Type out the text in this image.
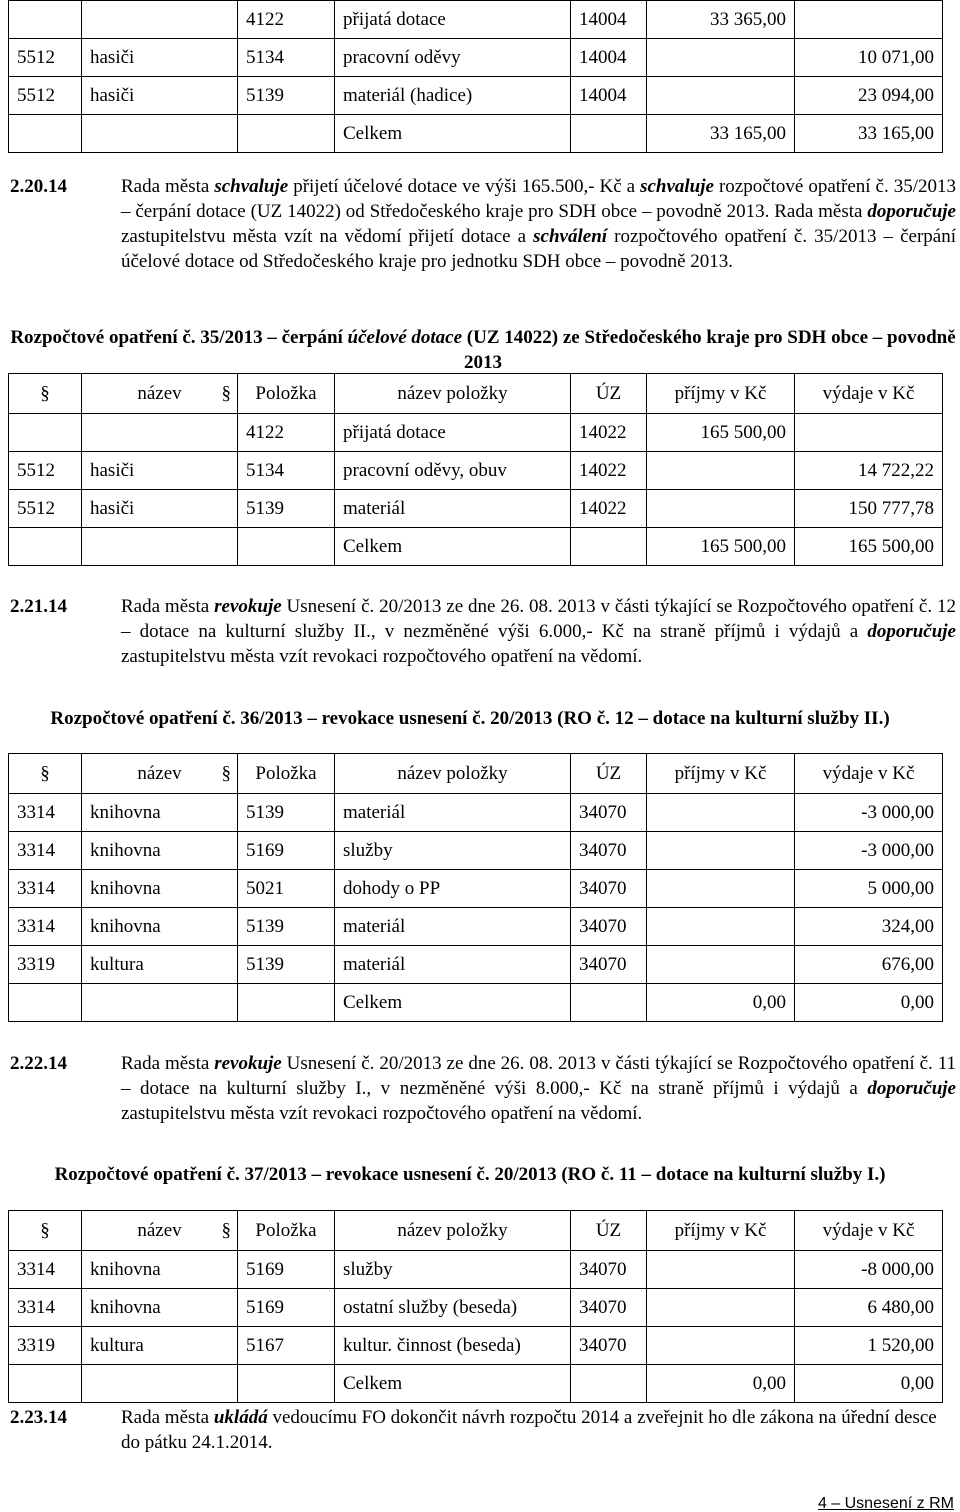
		4122	přijatá dotace	14004	33 365,00	
5512	hasiči	5134	pracovní oděvy	14004		10 071,00
5512	hasiči	5139	materiál (hadice)	14004		23 094,00
			Celkem		33 165,00	33 165,00
2.20.14	Rada města schvaluje přijetí účelové dotace ve výši 165.500,- Kč a schvaluje rozpočtové opatření č. 35/2013 – čerpání dotace (UZ 14022) od Středočeského kraje pro SDH obce – povodně 2013. Rada města doporučuje zastupitelstvu města vzít na vědomí přijetí dotace a schválení rozpočtového opatření č. 35/2013 – čerpání účelové dotace od Středočeského kraje pro jednotku SDH obce – povodně 2013.
Rozpočtové opatření č. 35/2013 – čerpání účelové dotace (UZ 14022) ze Středočeského kraje pro SDH obce – povodně 2013
§	název §	Položka	název položky	ÚZ	příjmy v Kč	výdaje v Kč
		4122	přijatá dotace	14022	165 500,00	
5512	hasiči	5134	pracovní oděvy, obuv	14022		14 722,22
5512	hasiči	5139	materiál	14022		150 777,78
			Celkem		165 500,00	165 500,00
2.21.14	Rada města revokuje Usnesení č. 20/2013 ze dne 26. 08. 2013 v části týkající se Rozpočtového opatření č. 12 – dotace na kulturní služby II., v nezměněné výši 6.000,- Kč na straně příjmů i výdajů a doporučuje zastupitelstvu města vzít revokaci rozpočtového opatření na vědomí.
Rozpočtové opatření č. 36/2013 – revokace usnesení č. 20/2013 (RO č. 12 – dotace na kulturní služby II.)
§	název §	Položka	název položky	ÚZ	příjmy v Kč	výdaje v Kč
3314	knihovna	5139	materiál	34070		-3 000,00
3314	knihovna	5169	služby	34070		-3 000,00
3314	knihovna	5021	dohody o PP	34070		5 000,00
3314	knihovna	5139	materiál	34070		324,00
3319	kultura	5139	materiál	34070		676,00
			Celkem		0,00	0,00
2.22.14	Rada města revokuje Usnesení č. 20/2013 ze dne 26. 08. 2013 v části týkající se Rozpočtového opatření č. 11 – dotace na kulturní služby I., v nezměněné výši 8.000,- Kč na straně příjmů i výdajů a doporučuje zastupitelstvu města vzít revokaci rozpočtového opatření na vědomí.
Rozpočtové opatření č. 37/2013 – revokace usnesení č. 20/2013 (RO č. 11 – dotace na kulturní služby I.)
§	název §	Položka	název položky	ÚZ	příjmy v Kč	výdaje v Kč
3314	knihovna	5169	služby	34070		-8 000,00
3314	knihovna	5169	ostatní služby (beseda)	34070		6 480,00
3319	kultura	5167	kultur. činnost (beseda)	34070		1 520,00
			Celkem		0,00	0,00
2.23.14	Rada města ukládá vedoucímu FO dokončit návrh rozpočtu 2014 a zveřejnit ho dle zákona na úřední desce do pátku 24.1.2014.
4 – Usnesení z RM
